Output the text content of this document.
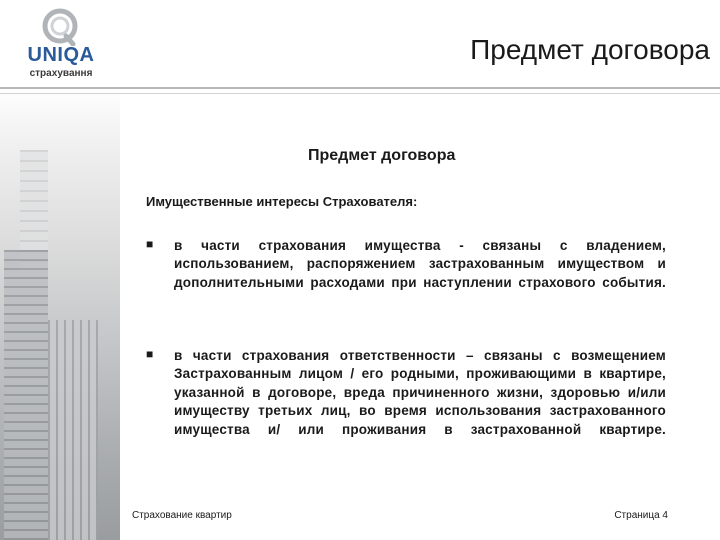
UNIQA
страхування
Предмет договора
Предмет договора
Имущественные интересы Страхователя:
■ в части страхования имущества - связаны с владением, использованием, распоряжением застрахованным имуществом и дополнительными расходами при наступлении страхового события.
■ в части страхования ответственности – связаны с возмещением Застрахованным лицом / его родными, проживающими в квартире, указанной в договоре, вреда причиненного жизни, здоровью и/или имуществу третьих лиц, во время использования застрахованного имущества и/ или проживания в застрахованной квартире.
Страхование квартир	Страница 4
